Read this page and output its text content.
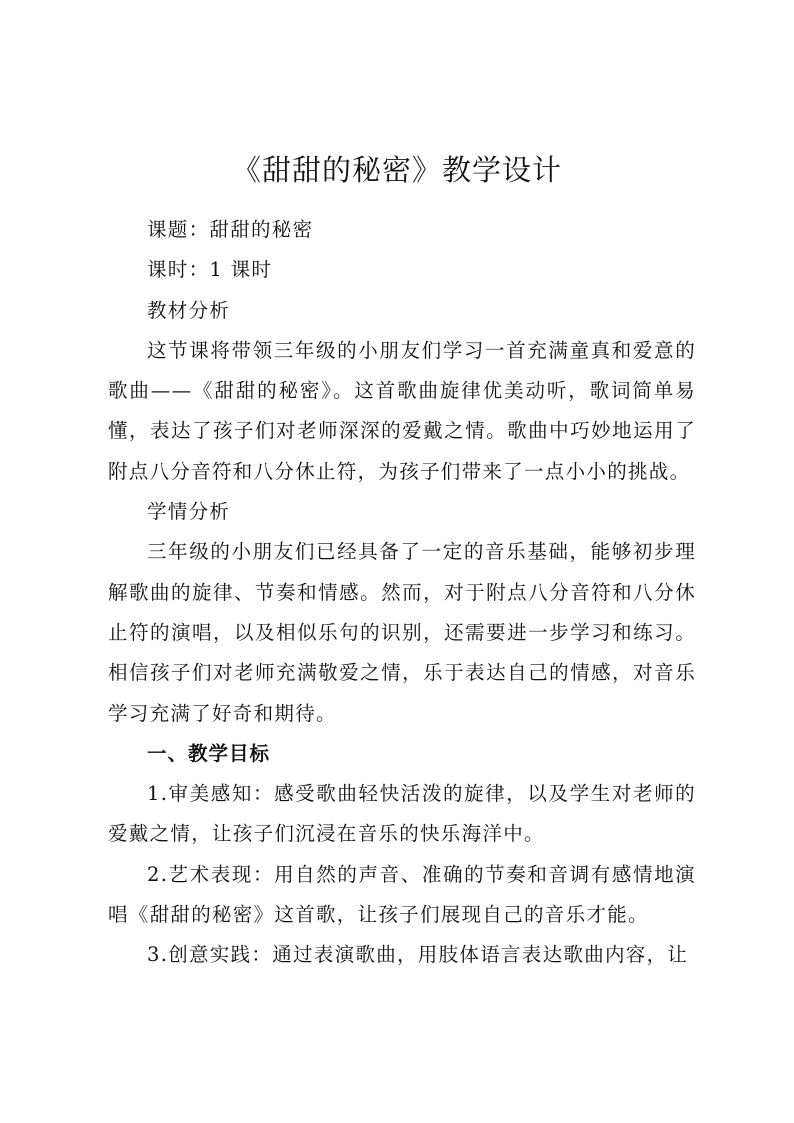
《甜甜的秘密》教学设计

课题：甜甜的秘密

课时：1 课时

教材分析

这节课将带领三年级的小朋友们学习一首充满童真和爱意的歌曲——《甜甜的秘密》。这首歌曲旋律优美动听，歌词简单易懂，表达了孩子们对老师深深的爱戴之情。歌曲中巧妙地运用了附点八分音符和八分休止符，为孩子们带来了一点小小的挑战。

学情分析

三年级的小朋友们已经具备了一定的音乐基础，能够初步理解歌曲的旋律、节奏和情感。然而，对于附点八分音符和八分休止符的演唱，以及相似乐句的识别，还需要进一步学习和练习。相信孩子们对老师充满敬爱之情，乐于表达自己的情感，对音乐学习充满了好奇和期待。

一、教学目标

1.审美感知：感受歌曲轻快活泼的旋律，以及学生对老师的爱戴之情，让孩子们沉浸在音乐的快乐海洋中。

2.艺术表现：用自然的声音、准确的节奏和音调有感情地演唱《甜甜的秘密》这首歌，让孩子们展现自己的音乐才能。

3.创意实践：通过表演歌曲，用肢体语言表达歌曲内容，让
